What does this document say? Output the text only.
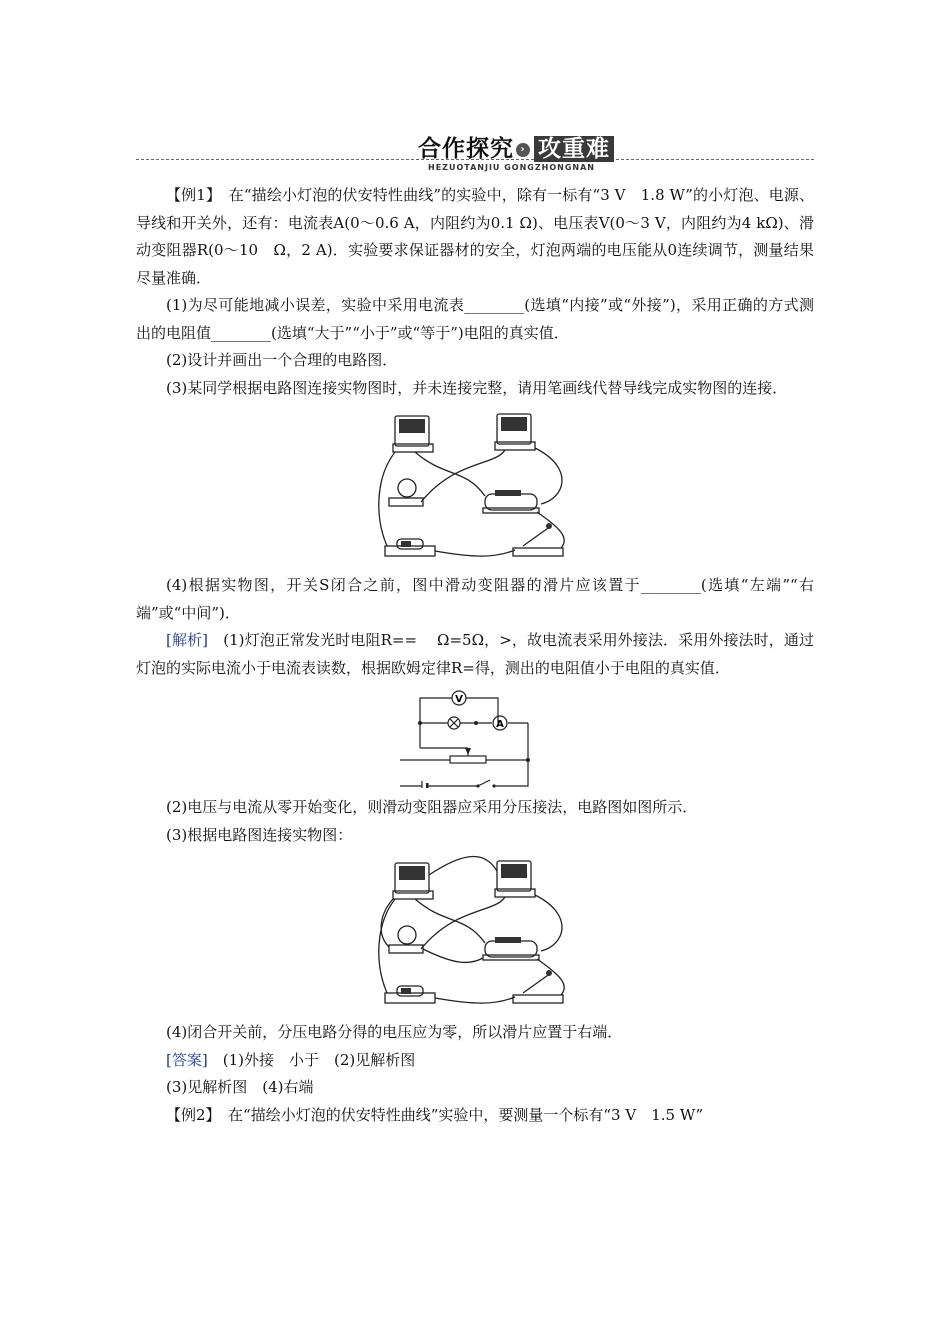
合作探究 › 攻重难
HEZUOTANJIU GONGZHONGNAN

【例1】　在“描绘小灯泡的伏安特性曲线”的实验中，除有一标有“3 V　1.8 W”的小灯泡、电源、导线和开关外，还有：电流表A(0～0.6 A，内阻约为0.1 Ω)、电压表V(0～3 V，内阻约为4 kΩ)、滑动变阻器R(0～10　Ω，2 A)．实验要求保证器材的安全，灯泡两端的电压能从0连续调节，测量结果尽量准确．

(1)为尽可能地减小误差，实验中采用电流表________(选填“内接”或“外接”)，采用正确的方式测出的电阻值________(选填“大于”“小于”或“等于”)电阻的真实值．

(2)设计并画出一个合理的电路图．

(3)某同学根据电路图连接实物图时，并未连接完整，请用笔画线代替导线完成实物图的连接．

(4)根据实物图，开关S闭合之前，图中滑动变阻器的滑片应该置于________(选填“左端”“右端”或“中间”)．

[解析]　(1)灯泡正常发光时电阻R== 　Ω=5Ω，>，故电流表采用外接法．采用外接法时，通过灯泡的实际电流小于电流表读数，根据欧姆定律R=得，测出的电阻值小于电阻的真实值．

V
A

(2)电压与电流从零开始变化，则滑动变阻器应采用分压接法，电路图如图所示．

(3)根据电路图连接实物图：

(4)闭合开关前，分压电路分得的电压应为零，所以滑片应置于右端．

[答案]　(1)外接　小于　(2)见解析图

(3)见解析图　(4)右端

【例2】　在“描绘小灯泡的伏安特性曲线”实验中，要测量一个标有“3 V　1.5 W”
